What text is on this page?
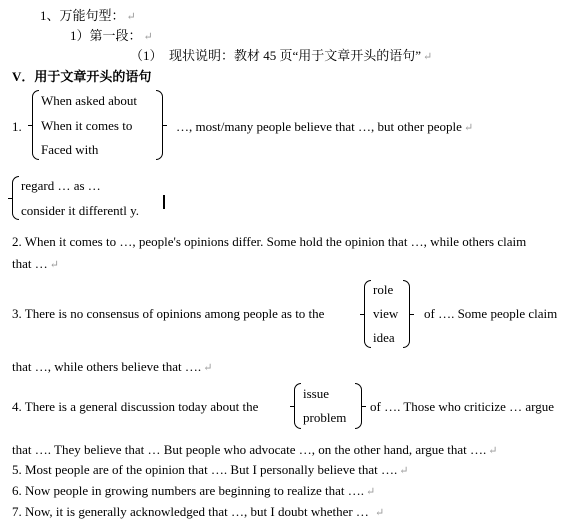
1、万能句型： ↵
1）第一段： ↵
（1）　现状说明：教材 45 页“用于文章开头的语句” ↵
V．用于文章开头的语句
1.
When asked about
When it comes to
Faced with
…, most/many people believe that …, but other people ↵
regard … as …
consider it differentl y.
2. When it comes to …, people's opinions differ. Some hold the opinion that …, while others claim
that … ↵
3. There is no consensus of opinions among people as to the
role
view
idea
of …. Some people claim
that …, while others believe that …. ↵
4. There is a general discussion today about the
issue
problem
of …. Those who criticize … argue
that …. They believe that … But people who advocate …, on the other hand, argue that …. ↵
5. Most people are of the opinion that …. But I personally believe that …. ↵
6. Now people in growing numbers are beginning to realize that …. ↵
7. Now, it is generally acknowledged that …, but I doubt whether … ↵
